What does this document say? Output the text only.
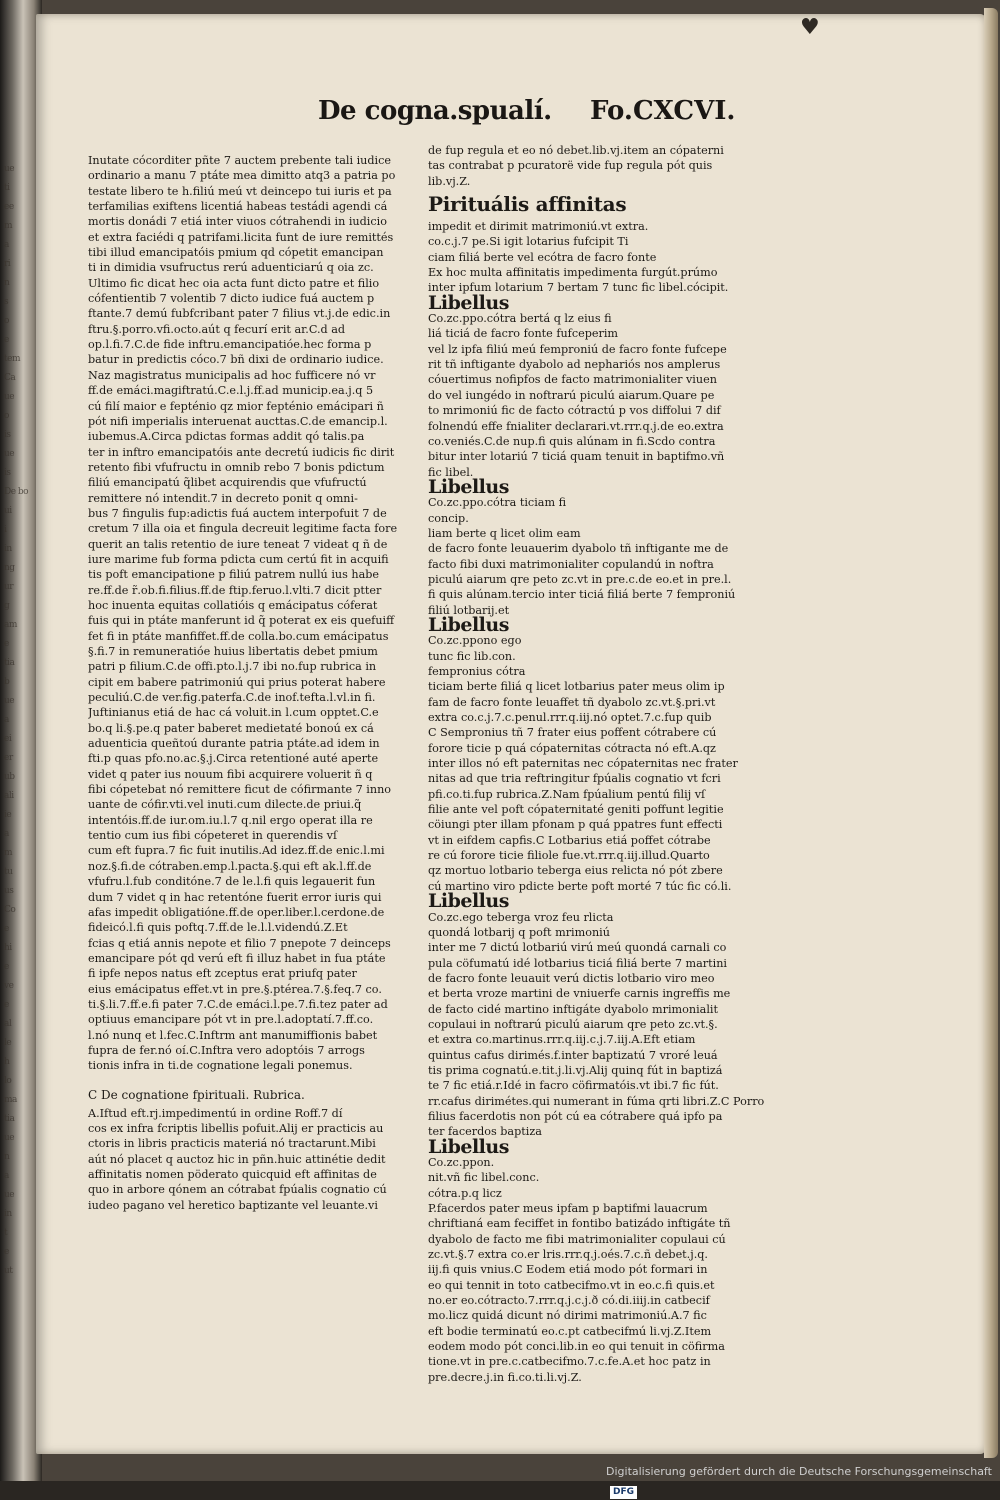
ue
ti
ee
m
a
ri
n
s
o
e
tem
Ca
ue
o
is
ue
is
De bo
ui
i
in
ng
ur
g
am
e
tia
b
ue
a
ei
er
ub
ali
ie
a
m
tu
us
Co
e
hi
e
ve
e
al
le
h
lo
ma
tia
ue
n
a
ue
in
t
e
ut
♥
De cogna.spualí. Fo.CXCVI.
Inutate cócorditer pñte 7 auctem prebente tali iudice
ordinario a manu 7 ptáte mea dimitto atq3 a patria po
testate libero te h.filiú meú vt deincepo tui iuris et pa
terfamilias exiftens licentiá habeas testádi agendi cá
mortis donádi 7 etiá inter viuos cótrahendi in iudicio
et extra faciédi q patrifami.licita funt de iure remittés
tibi illud emancipatóis pmium qd cópetit emancipan
ti in dimidia vsufructus rerú aduenticiarú q oia zc.
Ultimo fic dicat hec oia acta funt dicto patre et filio
cófentientib 7 volentib 7 dicto iudice fuá auctem p
ftante.7 demú fubfcribant pater 7 filius vt.j.de edic.in
ftru.§.porro.vfi.octo.aút q fecurí erit ar.C.d ad
op.l.fi.7.C.de fide inftru.emancipatióe.hec forma p
batur in predictis cóco.7 bñ dixi de ordinario iudice.
Naz magistratus municipalis ad hoc fufficere nó vr
ff.de emáci.magiftratú.C.e.l.j.ff.ad municip.ea.j.q 5
cú filí maior e fepténio qz mior fepténio emácipari ñ
pót nifi imperialis interuenat aucttas.C.de emancip.l.
iubemus.A.Circa pdictas formas addit qó talis.pa
ter in inftro emancipatóis ante decretú iudicis fic dirit
retento fibi vfufructu in omnib rebo 7 bonis pdictum
filiú emancipatú q̃libet acquirendis que vfufructú
remittere nó intendit.7 in decreto ponit q omni-
bus 7 fingulis fup:adictis fuá auctem interpofuit 7 de
cretum 7 illa oia et fingula decreuit legitime facta fore
querit an talis retentio de iure teneat 7 videat q ñ de
iure marime fub forma pdicta cum certú fit in acquifi
tis poft emancipatione p filiú patrem nullú ius habe
re.ff.de r̃.ob.fi.filius.ff.de ftip.feruo.l.vlti.7 dicit ptter
hoc inuenta equitas collatióis q emácipatus cóferat
fuis qui in ptáte manferunt id q̃ poterat ex eis quefuiff
fet fi in ptáte manfiffet.ff.de colla.bo.cum emácipatus
§.fi.7 in remuneratióe huius libertatis debet pmium
patri p filium.C.de offi.pto.l.j.7 ibi no.fup rubrica in
cipit em babere patrimoniú qui prius poterat habere
peculiú.C.de ver.fig.paterfa.C.de inof.tefta.l.vl.in fi.
Juftinianus etiá de hac cá voluit.in l.cum opptet.C.e
bo.q li.§.pe.q pater baberet medietaté bonoú ex cá
aduenticia queñtoú durante patria ptáte.ad idem in
fti.p quas pfo.no.ac.§.j.Circa retentioné auté aperte
videt q pater ius nouum fibi acquirere voluerit ñ q
fibi cópetebat nó remittere ficut de cófirmante 7 inno
uante de cófir.vti.vel inuti.cum dilecte.de priui.q̃
intentóis.ff.de iur.om.iu.l.7 q.nil ergo operat illa re
tentio cum ius fibi cópeteret in querendis vſ
cum eft fupra.7 fic fuit inutilis.Ad idez.ff.de enic.l.mi
noz.§.fi.de cótraben.emp.l.pacta.§.qui eft ak.l.ff.de
vfufru.l.fub conditóne.7 de le.l.fi quis legauerit fun
dum 7 videt q in hac retentóne fuerit error iuris qui
afas impedit obligatióne.ff.de oper.liber.l.cerdone.de
fideicó.l.fi quis poftq.7.ff.de le.l.l.videndú.Z.Et
fcias q etiá annis nepote et filio 7 pnepote 7 deinceps
emancipare pót qd verú eft fi illuz habet in fua ptáte
fi ipfe nepos natus eft zceptus erat priufq pater
eius emácipatus effet.vt in pre.§.ptérea.7.§.feq.7 co.
ti.§.li.7.ff.e.fi pater 7.C.de emáci.l.pe.7.fi.tez pater ad
optiuus emancipare pót vt in pre.l.adoptatí.7.ff.co.
l.nó nunq et l.fec.C.Inftrm ant manumiffionis babet
fupra de fer.nó oí.C.Inftra vero adoptóis 7 arrogs
tionis infra in ti.de cognatione legali ponemus.
C De cognatione fpirituali. Rubrica.
A.Iftud eft.rj.impedimentú in ordine Roff.7 dí
cos ex infra fcriptis libellis pofuit.Alij er practicis au
ctoris in libris practicis materiá nó tractarunt.Mibi
aút nó placet q auctoz hic in pñn.huic attinétie dedit
affinitatis nomen pöderato quicquid eft affinitas de
quo in arbore qónem an cótrabat fpúalis cognatio cú
iudeo pagano vel heretico baptizante vel leuante.vi
de fup regula et eo nó debet.lib.vj.item an cópaterni
tas contrabat p pcuratorë vide fup regula pót quis
lib.vj.Z.
Pirituális affinitas
impedit et dirimit matrimoniú.vt extra.
co.c.j.7 pe.Si igit lotarius fufcipit Ti
ciam filiá berte vel ecótra de facro fonte
Ex hoc multa affinitatis impedimenta furgút.prúmo
inter ipfum lotarium 7 bertam 7 tunc fic libel.cócipit.
Libellus
Co.zc.ppo.cótra bertá q lz eius fi
liá ticiá de facro fonte fufceperim
vel lz ipfa filiú meú femproniú de facro fonte fufcepe
rit tñ inftigante dyabolo ad nephariós nos amplerus
cóuertimus nofipfos de facto matrimonialiter viuen
do vel iungédo in noftrarú piculú aiarum.Quare pe
to mrimoniú fic de facto cótractú p vos diffolui 7 dif
folnendú effe fnialiter declarari.vt.rrr.q.j.de eo.extra
co.veniés.C.de nup.fi quis alúnam in fi.Scdo contra
bitur inter lotariú 7 ticiá quam tenuit in baptifmo.vñ
fic libel.
Libellus
Co.zc.ppo.cótra ticiam fi
concip.
liam berte q licet olim eam
de facro fonte leuauerim dyabolo tñ inftigante me de
facto fibi duxi matrimonialiter copulandú in noftra
piculú aiarum qre peto zc.vt in pre.c.de eo.et in pre.l.
fi quis alúnam.tercio inter ticiá filiá berte 7 femproniú
filiú lotbarij.et
Libellus
Co.zc.ppono ego
tunc fic lib.con.
fempronius cótra
ticiam berte filiá q licet lotbarius pater meus olim ip
fam de facro fonte leuaffet tñ dyabolo zc.vt.§.pri.vt
extra co.c.j.7.c.penul.rrr.q.iij.nó optet.7.c.fup quib
C Sempronius tñ 7 frater eius poffent cótrabere cú
forore ticie p quá cópaternitas cótracta nó eft.A.qz
inter illos nó eft paternitas nec cópaternitas nec frater
nitas ad que tria reftringitur fpúalis cognatio vt fcri
pfi.co.ti.fup rubrica.Z.Nam fpúalium pentú filij vſ
filie ante vel poft cópaternitaté geniti poffunt legitie
cöiungi pter illam pfonam p quá ppatres funt effecti
vt in eifdem capfis.C Lotbarius etiá poffet cótrabe
re cú forore ticie filiole fue.vt.rrr.q.iij.illud.Quarto
qz mortuo lotbario teberga eius relicta nó pót zbere
cú martino viro pdicte berte poft morté 7 túc fic có.li.
Libellus
Co.zc.ego teberga vroz feu rlicta
quondá lotbarij q poft mrimoniú
inter me 7 dictú lotbariú virú meú quondá carnali co
pula cöfumatú idé lotbarius ticiá filiá berte 7 martini
de facro fonte leuauit verú dictis lotbario viro meo
et berta vroze martini de vniuerfe carnis ingreffis me
de facto cidé martino inftigáte dyabolo mrimonialit
copulaui in noftrarú piculú aiarum qre peto zc.vt.§.
et extra co.martinus.rrr.q.iij.c.j.7.iij.A.Eft etiam
quintus cafus dirimés.f.inter baptizatú 7 vroré leuá
tis prima cognatú.e.tit.j.li.vj.Alij quinq fút in baptizá
te 7 fic etiá.r.Idé in facro cöfirmatóis.vt ibi.7 fic fút.
rr.cafus dirimétes.qui numerant in fúma qrti libri.Z.C Porro
filius facerdotis non pót cú ea cótrabere quá ipfo pa
ter facerdos baptiza
Libellus
Co.zc.ppon.
nit.vñ fic libel.conc.
cótra.p.q licz
P.facerdos pater meus ipfam p baptifmi lauacrum
chriftianá eam feciffet in fontibo batizádo inftigáte tñ
dyabolo de facto me fibi matrimonialiter copulaui cú
zc.vt.§.7 extra co.er lris.rrr.q.j.oés.7.c.ñ debet.j.q.
iij.fi quis vnius.C Eodem etiá modo pót formari in
eo qui tennit in toto catbecifmo.vt in eo.c.fi quis.et
no.er eo.cótracto.7.rrr.q.j.c.j.ð có.di.iiij.in catbecif
mo.licz quidá dicunt nó dirimi matrimoniú.A.7 fic
eft bodie terminatú eo.c.pt catbecifmú li.vj.Z.Item
eodem modo pót conci.lib.in eo qui tenuit in cöfirma
tione.vt in pre.c.catbecifmo.7.c.fe.A.et hoc patz in
pre.decre.j.in fi.co.ti.li.vj.Z.
Digitalisierung gefördert durch die Deutsche ForschungsgemeinschaftDFG
